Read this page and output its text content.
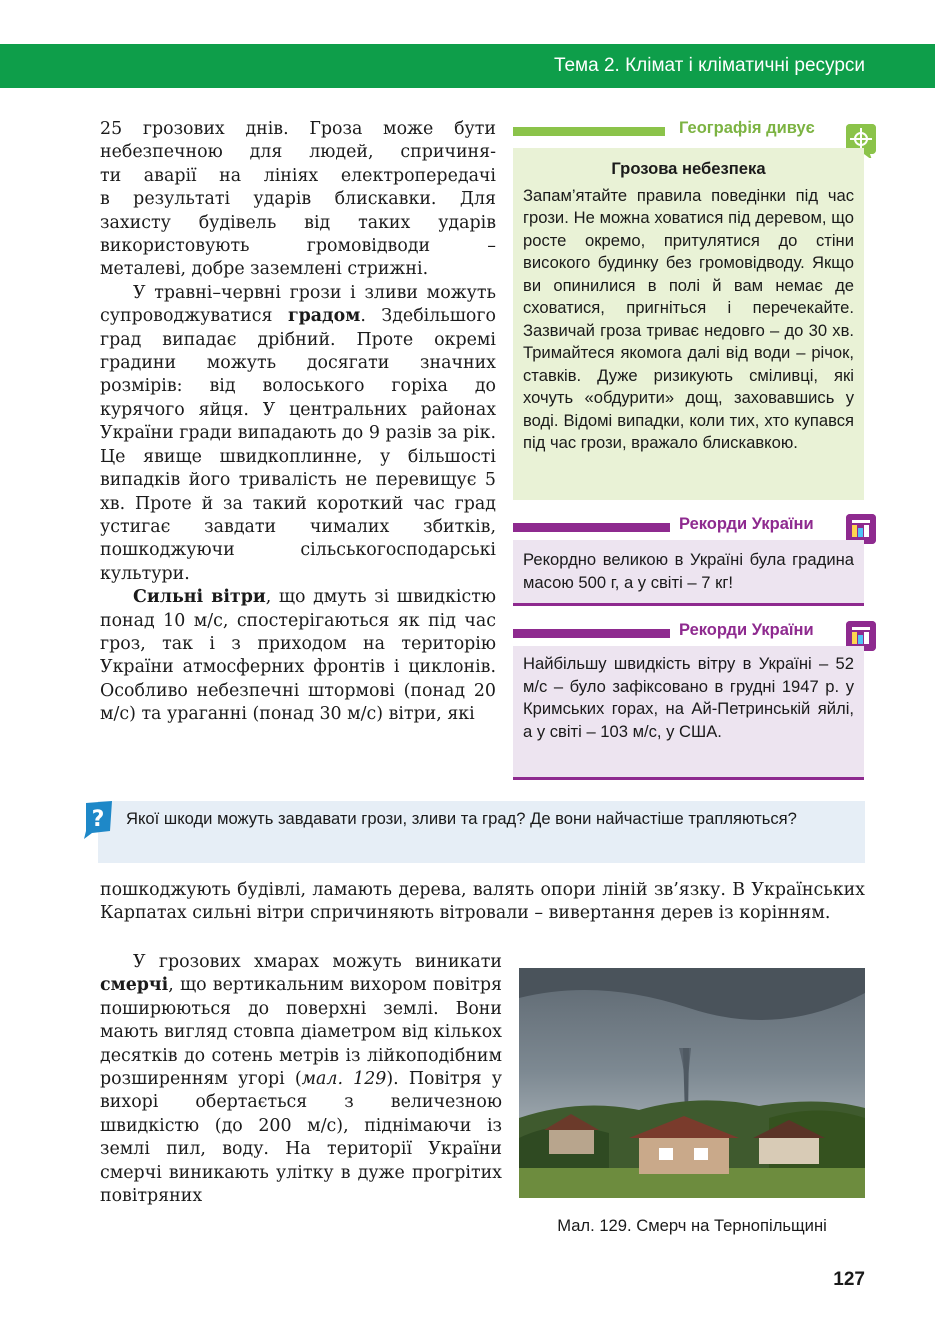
Тема 2. Клімат і кліматичні ресурси

25 грозових днів. Гроза може бути
небезпечною для людей, спричиня-
ти аварії на лініях електропередачі
в результаті ударів блискавки. Для
захисту будівель від таких ударів
використовують громовідводи –
металеві, добре заземлені стрижні.

У травні–червні грози і зливи можуть супроводжуватися градом. Здебільшого град випадає дрібний. Проте окремі градини можуть досягати значних розмірів: від волоського горіха до курячого яйця. У центральних районах України гради випадають до 9 разів за рік. Це явище швидкоплинне, у більшості випадків його тривалість не перевищує 5 хв. Проте й за такий короткий час град устигає завдати чималих збитків, пошкоджуючи сільськогосподарські культури.

Сильні вітри, що дмуть зі швидкістю понад 10 м/с, спостерігаються як під час гроз, так і з приходом на територію України атмосферних фронтів і циклонів. Особливо небезпечні штормові (понад 20 м/с) та ураганні (понад 30 м/с) вітри, які

Географія дивує
Грозова небезпека
Запам’ятайте правила поведінки під час грози. Не можна ховатися під деревом, що росте окремо, притулятися до стіни високого будинку без громовідводу. Якщо ви опинилися в полі й вам немає де сховатися, пригніться і перечекайте. Зазвичай гроза триває недовго – до 30 хв. Тримайтеся якомога далі від води – річок, ставків. Дуже ризикують сміливці, які хочуть «обдурити» дощ, заховавшись у воді. Відомі випадки, коли тих, хто купався під час грози, вражало блискавкою.
Рекорди України
Рекордно великою в Україні була градина масою 500 г, а у світі – 7 кг!
Рекорди України
Найбільшу швидкість вітру в Україні – 52 м/с – було зафіксовано в грудні 1947 р. у Кримських горах, на Ай-Петринській яйлі, а у світі – 103 м/с, у США.
Якої шкоди можуть завдавати грози, зливи та град? Де вони найчастіше трапляються?
?

пошкоджують будівлі, ламають дерева, валять опори ліній зв’язку. В Українських Карпатах сильні вітри спричиняють вітровали – вивертання дерев із корінням.

У грозових хмарах можуть виникати смерчі, що вертикальним вихором повітря поширюються до поверхні землі. Вони мають вигляд стовпа діаметром від кількох десятків до сотень метрів із лійкоподібним розширенням угорі (мал. 129). Повітря у вихорі обертається з величезною швидкістю (до 200 м/с), піднімаючи із землі пил, воду. На території України смерчі виникають улітку в дуже прогрітих повітряних

Мал. 129. Смерч на Тернопільщині
127
